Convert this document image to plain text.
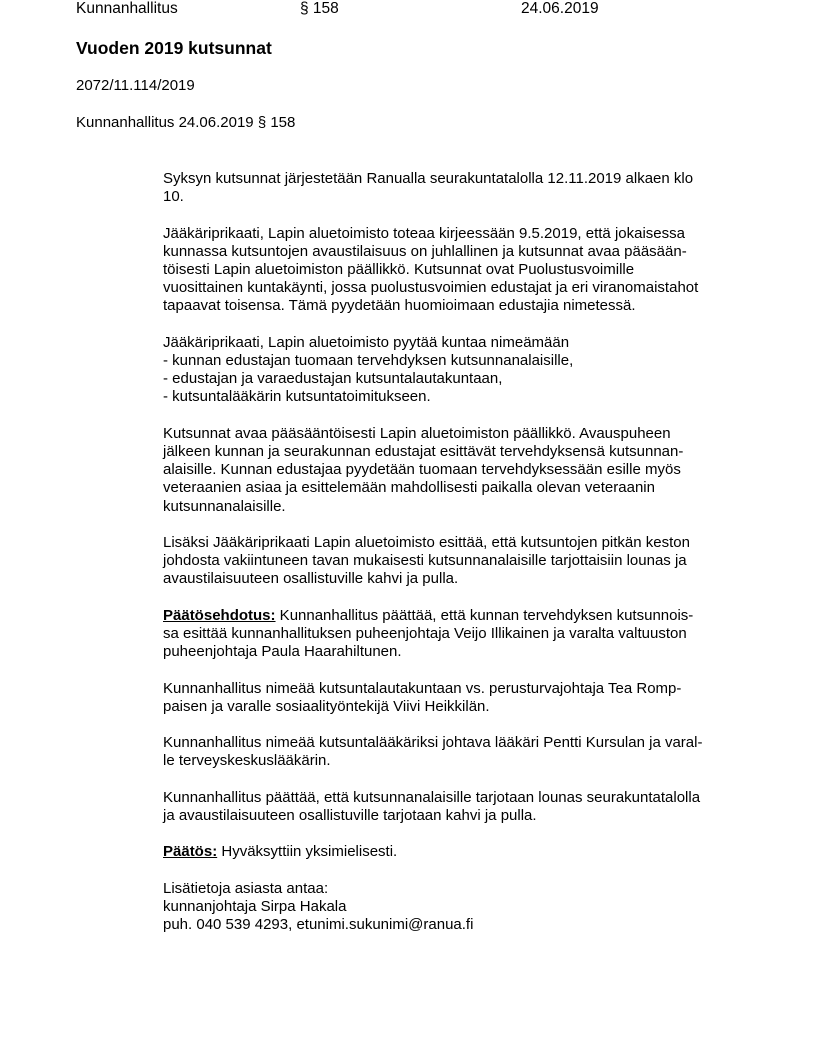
Kunnanhallitus	§ 158	24.06.2019
Vuoden 2019 kutsunnat
2072/11.114/2019
Kunnanhallitus 24.06.2019 § 158
Syksyn kutsunnat järjestetään Ranualla seurakuntatalolla 12.11.2019 alkaen klo
10.
Jääkäriprikaati, Lapin aluetoimisto toteaa kirjeessään 9.5.2019, että jokaisessa
kunnassa kutsuntojen avaustilaisuus on juhlallinen ja kutsunnat avaa pääsään-
töisesti Lapin aluetoimiston päällikkö. Kutsunnat ovat Puolustusvoimille
vuosittainen kuntakäynti, jossa puolustusvoimien edustajat ja eri viranomaistahot
tapaavat toisensa. Tämä pyydetään huomioimaan edustajia nimetessä.
Jääkäriprikaati, Lapin aluetoimisto pyytää kuntaa nimeämään
- kunnan edustajan tuomaan tervehdyksen kutsunnanalaisille,
- edustajan ja varaedustajan kutsuntalautakuntaan,
- kutsuntalääkärin kutsuntatoimitukseen.
Kutsunnat avaa pääsääntöisesti Lapin aluetoimiston päällikkö. Avauspuheen
jälkeen kunnan ja seurakunnan edustajat esittävät tervehdyksensä kutsunnan-
alaisille. Kunnan edustajaa pyydetään tuomaan tervehdyksessään esille myös
veteraanien asiaa ja esittelemään mahdollisesti paikalla olevan veteraanin
kutsunnanalaisille.
Lisäksi Jääkäriprikaati Lapin aluetoimisto esittää, että kutsuntojen pitkän keston
johdosta vakiintuneen tavan mukaisesti kutsunnanalaisille tarjottaisiin lounas ja
avaustilaisuuteen osallistuville kahvi ja pulla.
Päätösehdotus: Kunnanhallitus päättää, että kunnan tervehdyksen kutsunnois-
sa esittää kunnanhallituksen puheenjohtaja Veijo Illikainen ja varalta valtuuston
puheenjohtaja Paula Haarahiltunen.
Kunnanhallitus nimeää kutsuntalautakuntaan vs. perusturvajohtaja Tea Romp-
paisen ja varalle sosiaalityöntekijä Viivi Heikkilän.
Kunnanhallitus nimeää kutsuntalääkäriksi johtava lääkäri Pentti Kursulan ja varal-
le terveyskeskuslääkärin.
Kunnanhallitus päättää, että kutsunnanalaisille tarjotaan lounas seurakuntatalolla
ja avaustilaisuuteen osallistuville tarjotaan kahvi ja pulla.
Päätös: Hyväksyttiin yksimielisesti.
Lisätietoja asiasta antaa:
kunnanjohtaja Sirpa Hakala
puh. 040 539 4293, etunimi.sukunimi@ranua.fi
